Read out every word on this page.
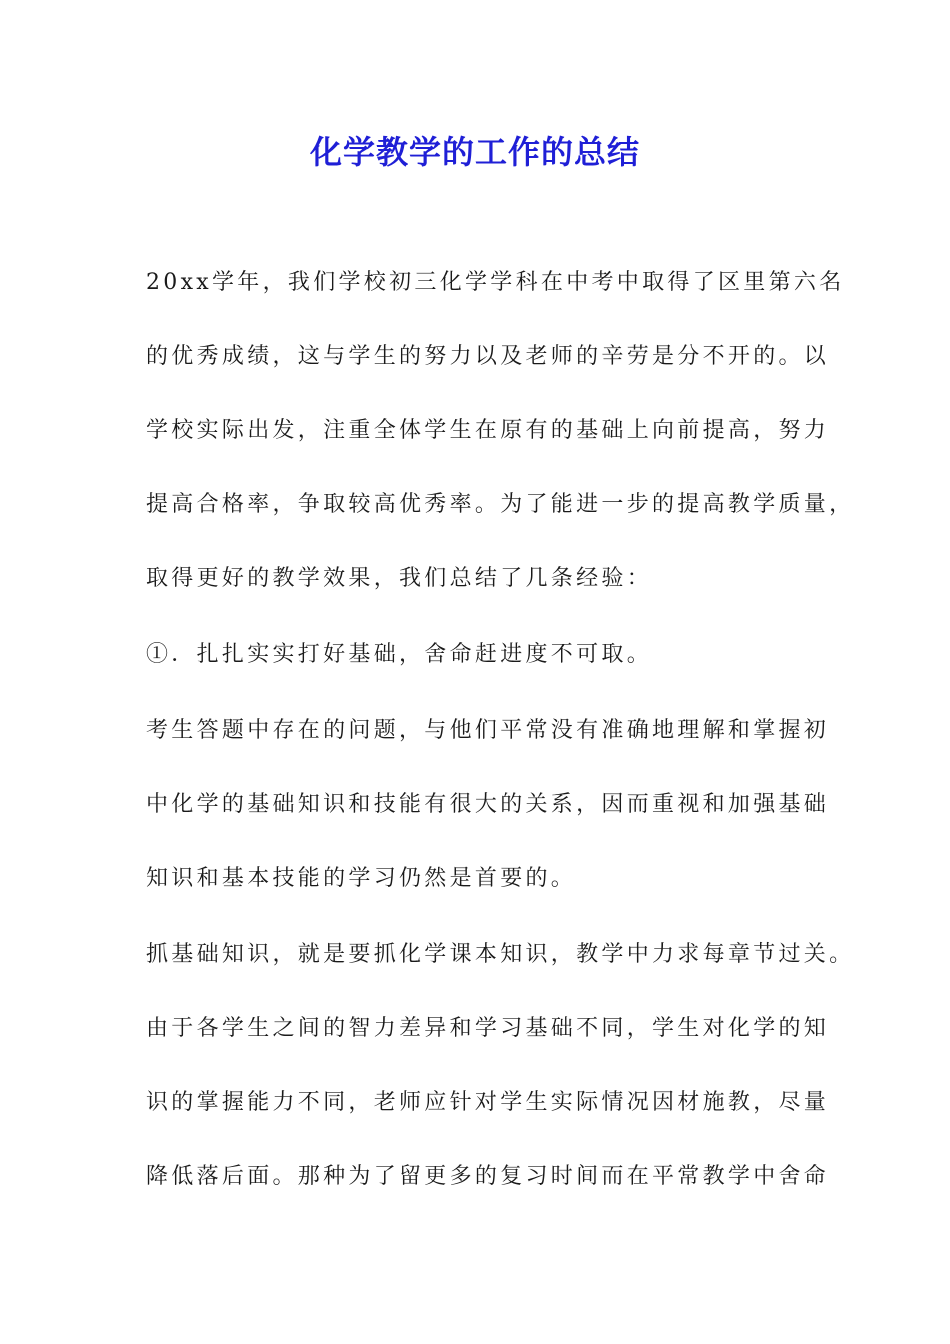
化学教学的工作的总结
20xx学年，我们学校初三化学学科在中考中取得了区里第六名
的优秀成绩，这与学生的努力以及老师的辛劳是分不开的。以
学校实际出发，注重全体学生在原有的基础上向前提高，努力
提高合格率，争取较高优秀率。为了能进一步的提高教学质量，
取得更好的教学效果，我们总结了几条经验：
①．扎扎实实打好基础，舍命赶进度不可取。
考生答题中存在的问题，与他们平常没有准确地理解和掌握初
中化学的基础知识和技能有很大的关系，因而重视和加强基础
知识和基本技能的学习仍然是首要的。
抓基础知识，就是要抓化学课本知识，教学中力求每章节过关。
由于各学生之间的智力差异和学习基础不同，学生对化学的知
识的掌握能力不同，老师应针对学生实际情况因材施教，尽量
降低落后面。那种为了留更多的复习时间而在平常教学中舍命
